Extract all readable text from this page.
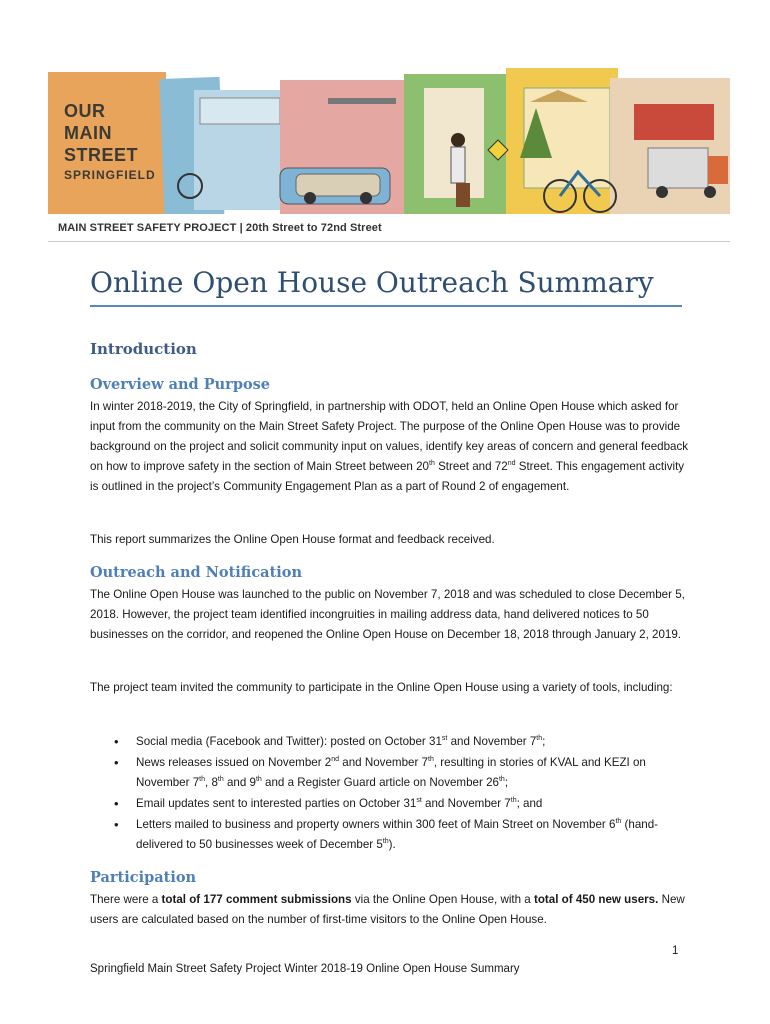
OUR
MAIN
STREET
SPRINGFIELD
MAIN STREET SAFETY PROJECT | 20th Street to 72nd Street
Online Open House Outreach Summary
Introduction
Overview and Purpose

In winter 2018-2019, the City of Springfield, in partnership with ODOT, held an Online Open House which asked for input from the community on the Main Street Safety Project. The purpose of the Online Open House was to provide background on the project and solicit community input on values, identify key areas of concern and general feedback on how to improve safety in the section of Main Street between 20th Street and 72nd Street. This engagement activity is outlined in the project’s Community Engagement Plan as a part of Round 2 of engagement.

This report summarizes the Online Open House format and feedback received.
Outreach and Notification
The Online Open House was launched to the public on November 7, 2018 and was scheduled to close December 5, 2018. However, the project team identified incongruities in mailing address data, hand delivered notices to 50 businesses on the corridor, and reopened the Online Open House on December 18, 2018 through January 2, 2019.
The project team invited the community to participate in the Online Open House using a variety of tools, including:
• Social media (Facebook and Twitter): posted on October 31st and November 7th;
• News releases issued on November 2nd and November 7th, resulting in stories of KVAL and KEZI on November 7th, 8th and 9th and a Register Guard article on November 26th;
• Email updates sent to interested parties on October 31st and November 7th; and
• Letters mailed to business and property owners within 300 feet of Main Street on November 6th (hand-delivered to 50 businesses week of December 5th).
Participation

There were a total of 177 comment submissions via the Online Open House, with a total of 450 new users. New users are calculated based on the number of first-time visitors to the Online Open House.

1
Springfield Main Street Safety Project Winter 2018-19 Online Open House Summary
